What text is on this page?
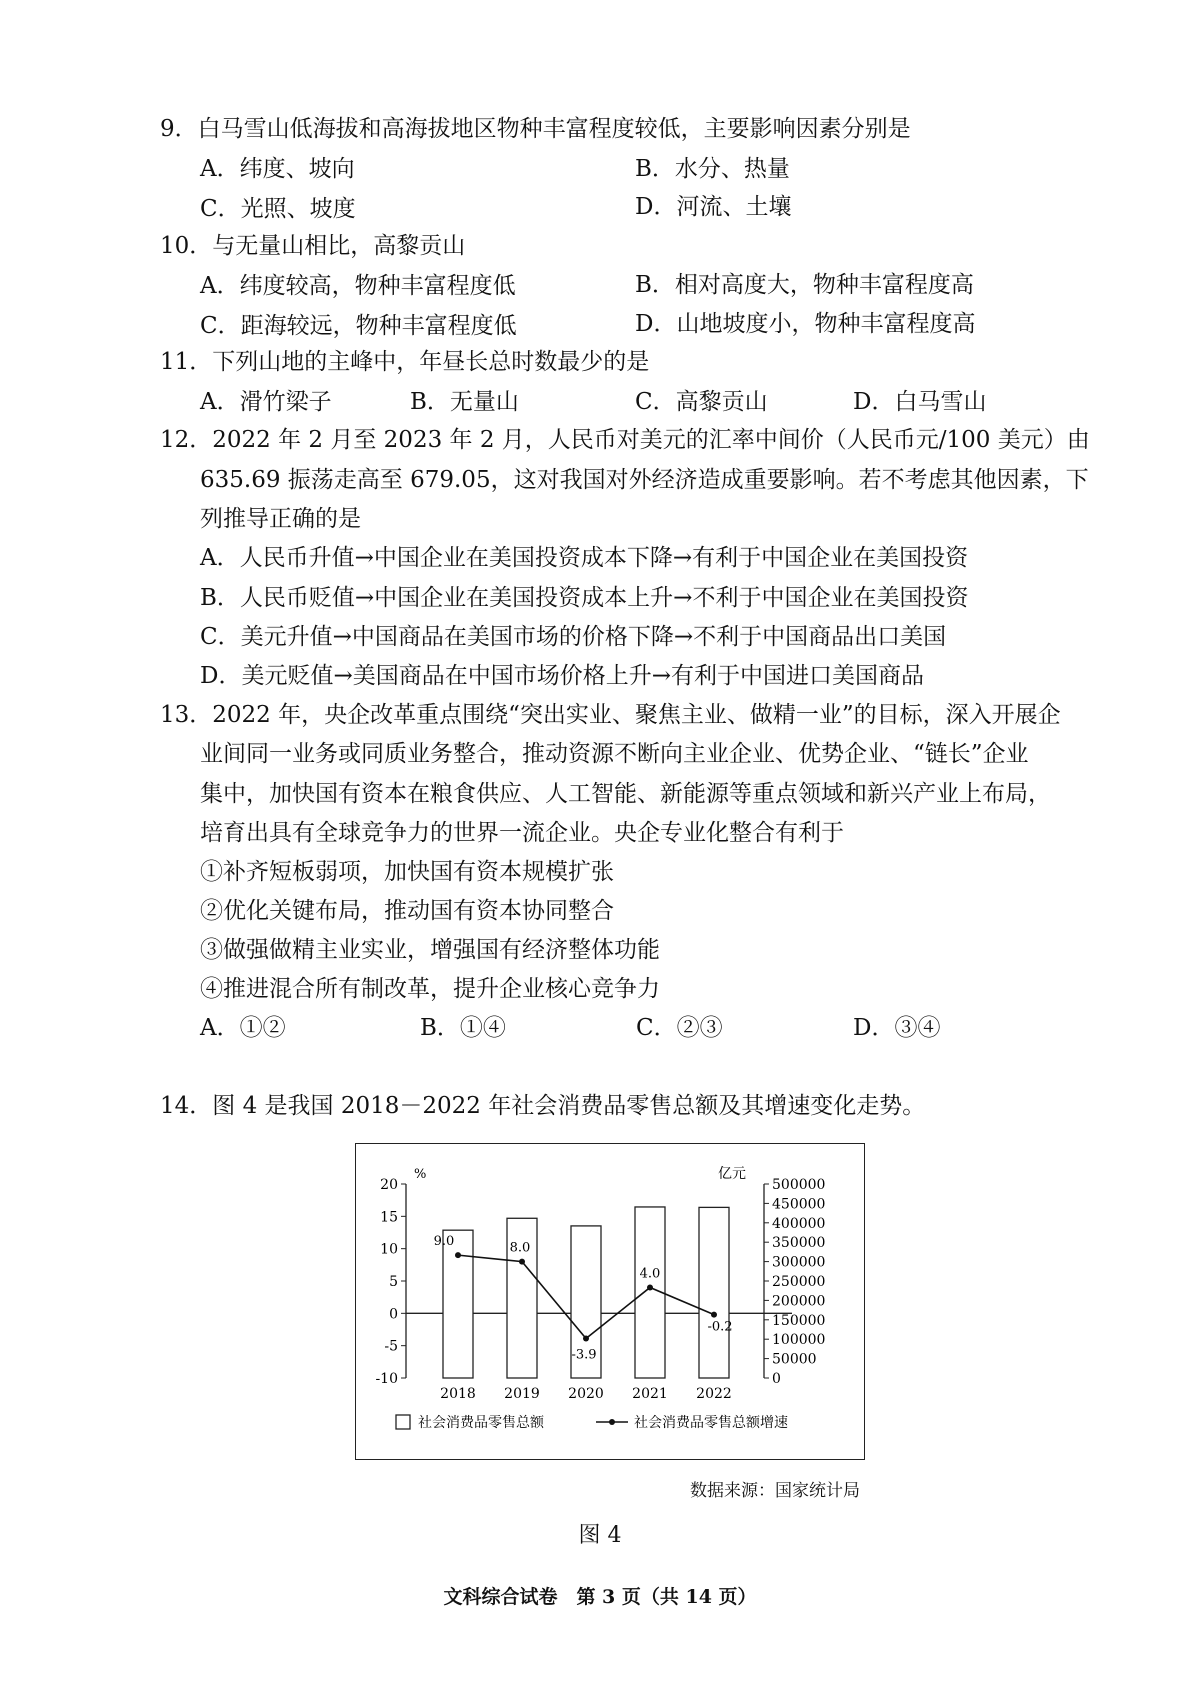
9．白马雪山低海拔和高海拔地区物种丰富程度较低，主要影响因素分别是
A．纬度、坡向	B．水分、热量
C．光照、坡度	D．河流、土壤
10．与无量山相比，高黎贡山
A．纬度较高，物种丰富程度低	B．相对高度大，物种丰富程度高
C．距海较远，物种丰富程度低	D．山地坡度小，物种丰富程度高
11．下列山地的主峰中，年昼长总时数最少的是
A．滑竹梁子	B．无量山	C．高黎贡山	D．白马雪山
12．2022 年 2 月至 2023 年 2 月，人民币对美元的汇率中间价（人民币元/100 美元）由
635.69 振荡走高至 679.05，这对我国对外经济造成重要影响。若不考虑其他因素，下
列推导正确的是
A．人民币升值→中国企业在美国投资成本下降→有利于中国企业在美国投资
B．人民币贬值→中国企业在美国投资成本上升→不利于中国企业在美国投资
C．美元升值→中国商品在美国市场的价格下降→不利于中国商品出口美国
D．美元贬值→美国商品在中国市场价格上升→有利于中国进口美国商品
13．2022 年，央企改革重点围绕“突出实业、聚焦主业、做精一业”的目标，深入开展企
业间同一业务或同质业务整合，推动资源不断向主业企业、优势企业、“链长”企业
集中，加快国有资本在粮食供应、人工智能、新能源等重点领域和新兴产业上布局，
培育出具有全球竞争力的世界一流企业。央企专业化整合有利于
①补齐短板弱项，加快国有资本规模扩张
②优化关键布局，推动国有资本协同整合
③做强做精主业实业，增强国有经济整体功能
④推进混合所有制改革，提升企业核心竞争力
A．①②	B．①④	C．②③	D．③④
14．图 4 是我国 2018－2022 年社会消费品零售总额及其增速变化走势。
20
15
10
5
0
-5
-10
%
500000
450000
400000
350000
300000
250000
200000
150000
100000
50000
0
亿元
2018 2019 2020 2021 2022
9.0	8.0
-3.9
4.0
-0.2
社会消费品零售总额	社会消费品零售总额增速
数据来源：国家统计局
图 4
文科综合试卷　第 3 页（共 14 页）
